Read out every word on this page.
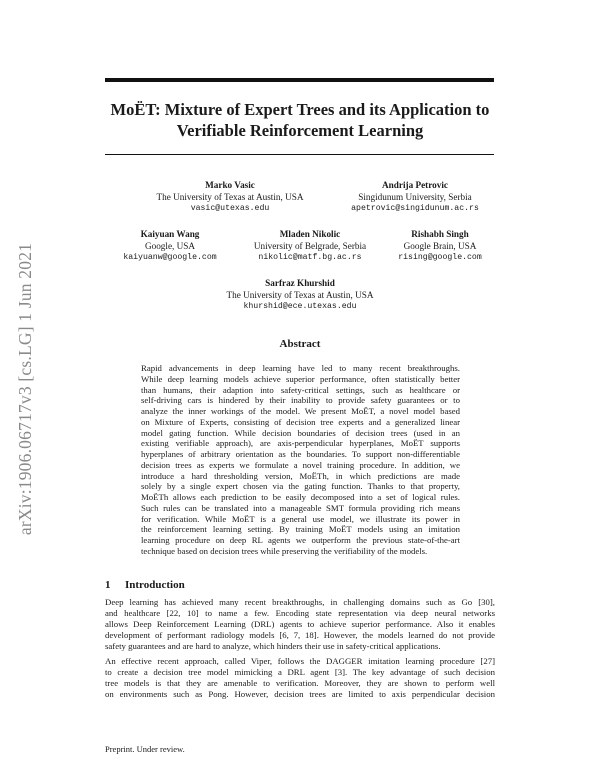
MoËT: Mixture of Expert Trees and its Application to
Verifiable Reinforcement Learning
arXiv:1906.06717v3 [cs.LG] 1 Jun 2021
Marko Vasic
The University of Texas at Austin, USA
vasic@utexas.edu
Andrija Petrovic
Singidunum University, Serbia
apetrovic@singidunum.ac.rs
Kaiyuan Wang
Google, USA
kaiyuanw@google.com
Mladen Nikolic
University of Belgrade, Serbia
nikolic@matf.bg.ac.rs
Rishabh Singh
Google Brain, USA
rising@google.com
Sarfraz Khurshid
The University of Texas at Austin, USA
khurshid@ece.utexas.edu
Abstract
Rapid advancements in deep learning have led to many recent breakthroughs.
While deep learning models achieve superior performance, often statistically better
than humans, their adaption into safety-critical settings, such as healthcare or
self-driving cars is hindered by their inability to provide safety guarantees or to
analyze the inner workings of the model. We present MoËT, a novel model based
on Mixture of Experts, consisting of decision tree experts and a generalized linear
model gating function. While decision boundaries of decision trees (used in an
existing verifiable approach), are axis-perpendicular hyperplanes, MoËT supports
hyperplanes of arbitrary orientation as the boundaries. To support non-differentiable
decision trees as experts we formulate a novel training procedure. In addition, we
introduce a hard thresholding version, MoËTh, in which predictions are made
solely by a single expert chosen via the gating function. Thanks to that property,
MoËTh allows each prediction to be easily decomposed into a set of logical rules.
Such rules can be translated into a manageable SMT formula providing rich means
for verification. While MoËT is a general use model, we illustrate its power in
the reinforcement learning setting. By training MoËT models using an imitation
learning procedure on deep RL agents we outperform the previous state-of-the-art
technique based on decision trees while preserving the verifiability of the models.
1 Introduction
Deep learning has achieved many recent breakthroughs, in challenging domains such as Go [30],
and healthcare [22, 10] to name a few. Encoding state representation via deep neural networks
allows Deep Reinforcement Learning (DRL) agents to achieve superior performance. Also it enables
development of performant radiology models [6, 7, 18]. However, the models learned do not provide
safety guarantees and are hard to analyze, which hinders their use in safety-critical applications.
An effective recent approach, called Viper, follows the DAGGER imitation learning procedure [27]
to create a decision tree model mimicking a DRL agent [3]. The key advantage of such decision
tree models is that they are amenable to verification. Moreover, they are shown to perform well
on environments such as Pong. However, decision trees are limited to axis perpendicular decision
Preprint. Under review.
